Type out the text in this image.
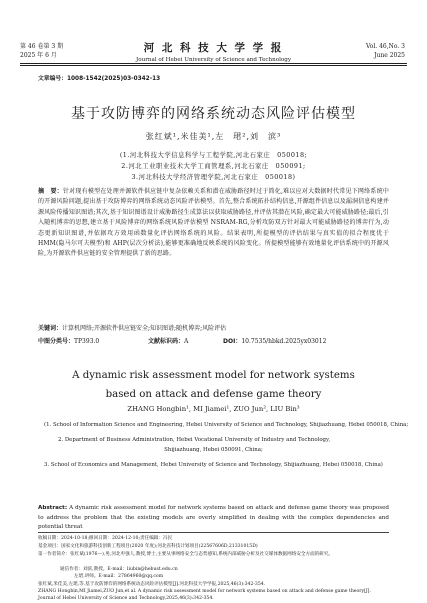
第 46 卷第 3 期
2025 年 6 月
河 北 科 技 大 学 学 报
Journal of Hebei University of Science and Technology
Vol. 46,No. 3
June 2025
文章编号：1008-1542(2025)03-0342-13
基于攻防博弈的网络系统动态风险评估模型
张红斌¹,米佳美¹,左　珺²,刘　滨³
(1.河北科技大学信息科学与工程学院,河北石家庄　050018;
2.河北工业职业技术大学工商管理系,河北石家庄　050091;
3.河北科技大学经济管理学院,河北石家庄　050018)
摘　要：针对现有模型在处理并源软件供应链中复杂依赖关系和潜在威胁路径时过于简化,难以应对大数据时代常见下网络系统中的开源风险问题,提出基于攻防博弈的网络系统动态风险评估模型。首先,整合系统拓扑结构信息,开源组件信息以及漏洞信息构建并源风险传播知识图谱;其次,基于知识图谱设计威胁路径生成算法以获取威胁路径,并评估其潜在风险,确定最大可能威胁路径;最后,引入随机博弈的思想,建立基于风险博弈的网络系统风险评估模型 NSRAM-RG,分析攻防双方针对最大可能威胁路径的博弈行为,动态更新知识图谱,并依据攻方效用函数量化评估网络系统的风险。结果表明,所提模型的评估结果与真实值的拟合程度优于 HMM(隐马尔可夫模型)和 AHP(层次分析法),能够更准确地反映系统的风险变化。所提模型能够有效地量化评估系统中的开源风险,为开源软件供应链的安全管理提供了新的思路。
关键词：计算机网络;开源软件供应链安全;知识图谱;随机博弈;风险评估
中图分类号：TP393.0	文献标识码：A	DOI：10.7535/hbkd.2025yx03012
A dynamic risk assessment model for network systems
based on attack and defense game theory
ZHANG Hongbin¹, MI Jiamei¹, ZUO Jun², LIU Bin³
(1. School of Information Science and Engineering, Hebei University of Science and Technology, Shijiazhuang, Hebei 050018, China;
2. Department of Business Administration, Hebei Vocational University of Industry and Technology,
Shijiazhuang, Hebei 050091, China;
3. School of Economics and Management, Hebei University of Science and Technology, Shijiazhuang, Hebei 050018, China)
Abstract: A dynamic risk assessment model for network systems based on attack and defense game theory was proposed to address the problem that the existing models are overly simplified in dealing with the complex dependencies and potential threat
收稿日期：2024-10-18;修回日期：2024-12-10;责任编辑：冯民
基金项目：国家文化和旅游科技创新工程项目(2020 年度);河北省科技计划项目(22567606D,21331015D)
第一作者简介：张红斌(1976—),男,河北枣强人,教授,博士,主要从事网络安全与态势感知,系统内部威胁分析及社交媒体数据网络安全方面的研究。
通信作者：刘滨,教授。E-mail：liubin@hebust.edu.cn
左珺,讲师。E-mail：27864960@qq.com
张红斌,米佳美,左珺,等.基于攻防博弈的网络系统动态风险评估模型[J].河北科技大学学报,2025,46(3):342-354.
ZHANG Hongbin,MI Jiamei,ZUO Jun,et al. A dynamic risk assessment model for network systems based on attack and defense game theory[J]. Journal of Hebei University of Science and Technology,2025,46(3):342-354.
